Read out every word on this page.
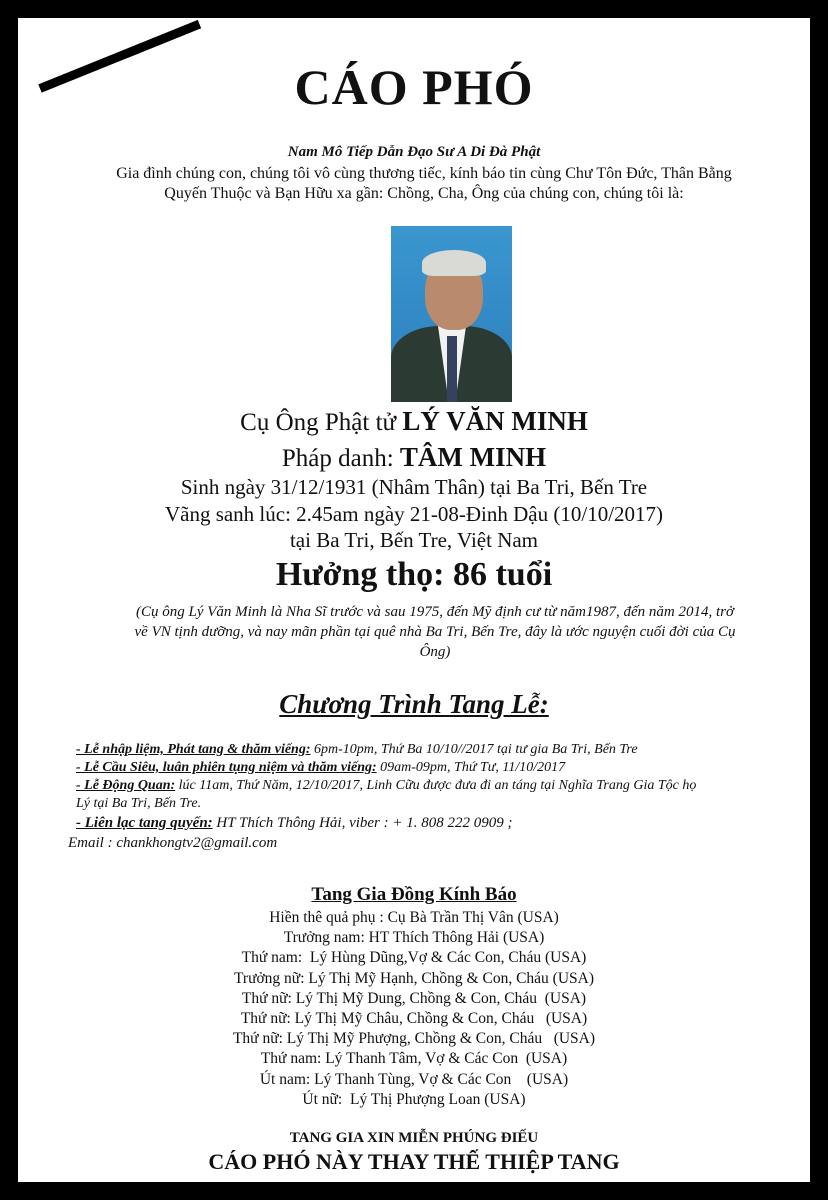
CÁO PHÓ
Nam Mô Tiếp Dẫn Đạo Sư A Di Đà Phật
Gia đình chúng con, chúng tôi vô cùng thương tiếc, kính báo tin cùng Chư Tôn Đức, Thân Bằng
Quyến Thuộc và Bạn Hữu xa gần: Chồng, Cha, Ông của chúng con, chúng tôi là:
Cụ Ông Phật tử LÝ VĂN MINH
Pháp danh: TÂM MINH
Sinh ngày 31/12/1931 (Nhâm Thân) tại Ba Tri, Bến Tre
Vãng sanh lúc: 2.45am ngày 21-08-Đinh Dậu (10/10/2017)
tại Ba Tri, Bến Tre, Việt Nam
Hưởng thọ: 86 tuổi
(Cụ ông Lý Văn Minh là Nha Sĩ trước và sau 1975, đến Mỹ định cư từ năm1987, đến năm 2014, trở
về VN tịnh dưỡng, và nay mãn phần tại quê nhà Ba Tri, Bến Tre, đây là ước nguyện cuối đời của Cụ
Ông)
Chương Trình Tang Lễ:

- Lễ nhập liệm, Phát tang & thăm viếng: 6pm-10pm, Thứ Ba 10/10//2017 tại tư gia Ba Tri, Bến Tre

- Lễ Cầu Siêu, luân phiên tụng niệm và thăm viếng: 09am-09pm, Thứ Tư, 11/10/2017

- Lễ Động Quan: lúc 11am, Thứ Năm, 12/10/2017, Linh Cữu được đưa đi an táng tại Nghĩa Trang Gia Tộc họ

Lý tại Ba Tri, Bến Tre.

- Liên lạc tang quyến: HT Thích Thông Hải, viber : + 1. 808 222 0909 ;

Email : chankhongtv2@gmail.com

Tang Gia Đồng Kính Báo
Hiền thê quả phụ : Cụ Bà Trần Thị Vân (USA)
Trưởng nam: HT Thích Thông Hải (USA)
Thứ nam:  Lý Hùng Dũng,Vợ & Các Con, Cháu (USA)
Trưởng nữ: Lý Thị Mỹ Hạnh, Chồng & Con, Cháu (USA)
Thứ nữ: Lý Thị Mỹ Dung, Chồng & Con, Cháu  (USA)
Thứ nữ: Lý Thị Mỹ Châu, Chồng & Con, Cháu   (USA)
Thứ nữ: Lý Thị Mỹ Phượng, Chồng & Con, Cháu   (USA)
Thứ nam: Lý Thanh Tâm, Vợ & Các Con  (USA)
Út nam: Lý Thanh Tùng, Vợ & Các Con    (USA)
Út nữ:  Lý Thị Phượng Loan (USA)
TANG GIA XIN MIỄN PHÚNG ĐIẾU
CÁO PHÓ NÀY THAY THẾ THIỆP TANG
